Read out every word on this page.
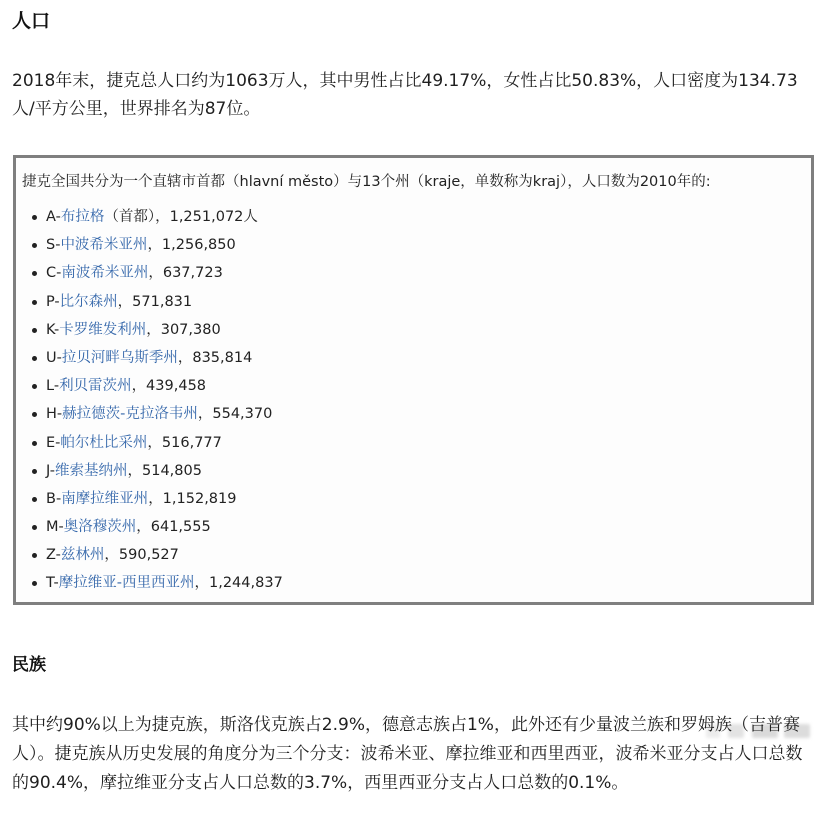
人口

2018年末，捷克总人口约为1063万人，其中男性占比49.17%，女性占比50.83%，人口密度为134.73人/平方公里，世界排名为87位。

捷克全国共分为一个直辖市首都（hlavní město）与13个州（kraje，单数称为kraj），人口数为2010年的:
A-布拉格（首都），1,251,072人
S-中波希米亚州，1,256,850
C-南波希米亚州，637,723
P-比尔森州，571,831
K-卡罗维发利州，307,380
U-拉贝河畔乌斯季州，835,814
L-利贝雷茨州，439,458
H-赫拉德茨-克拉洛韦州，554,370
E-帕尔杜比采州，516,777
J-维索基纳州，514,805
B-南摩拉维亚州，1,152,819
M-奥洛穆茨州，641,555
Z-兹林州，590,527
T-摩拉维亚-西里西亚州，1,244,837
民族

其中约90%以上为捷克族，斯洛伐克族占2.9%，德意志族占1%，此外还有少量波兰族和罗姆族（吉普赛人）。捷克族从历史发展的角度分为三个分支：波希米亚、摩拉维亚和西里西亚，波希米亚分支占人口总数的90.4%，摩拉维亚分支占人口总数的3.7%，西里西亚分支占人口总数的0.1%。
